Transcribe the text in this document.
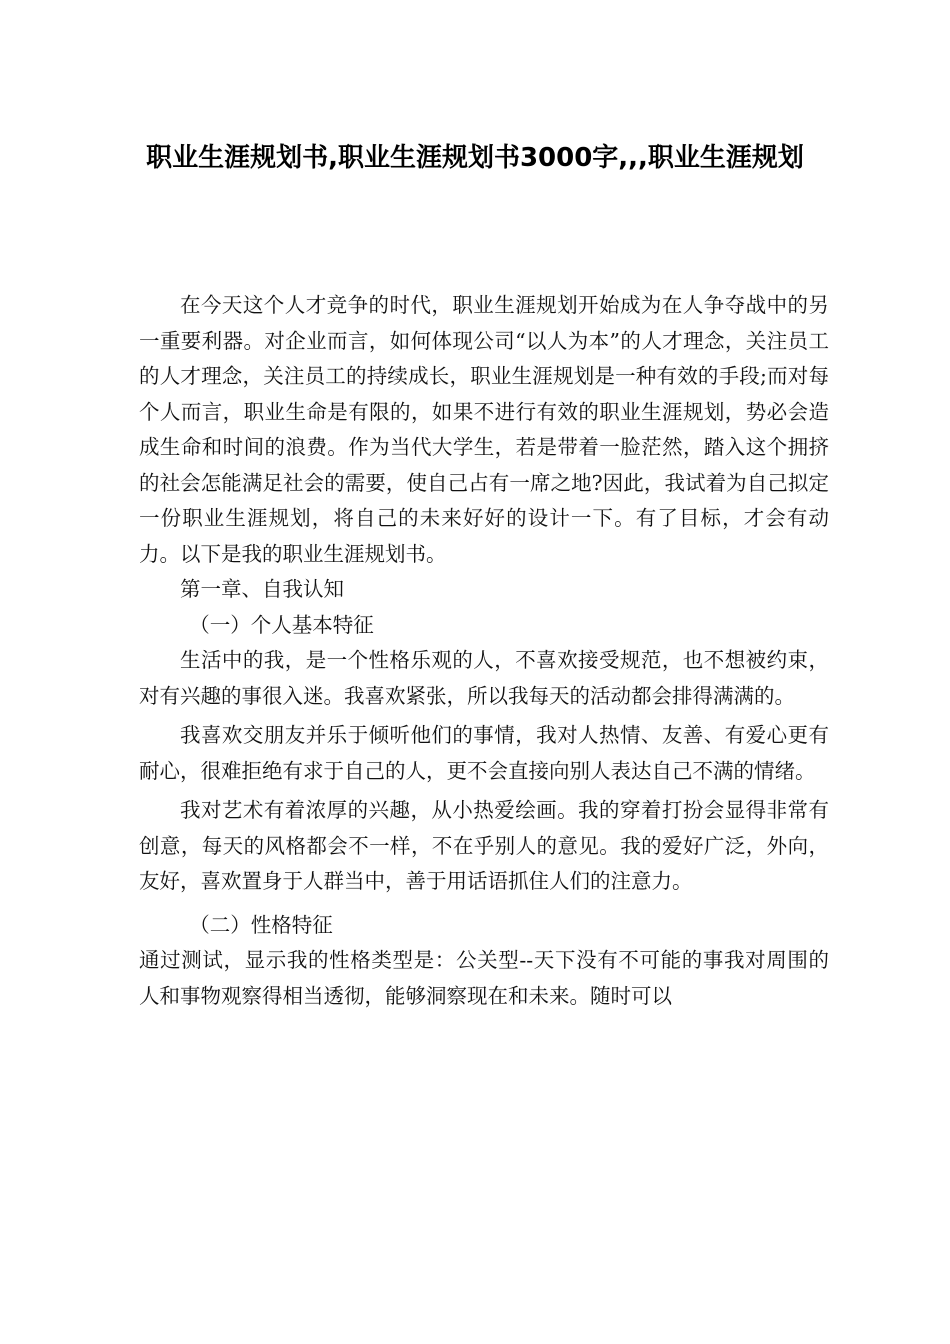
职业生涯规划书,职业生涯规划书3000字,,,职业生涯规划

在今天这个人才竞争的时代，职业生涯规划开始成为在人争夺战中的另一重要利器。对企业而言，如何体现公司“以人为本”的人才理念，关注员工的人才理念，关注员工的持续成长，职业生涯规划是一种有效的手段;而对每个人而言，职业生命是有限的，如果不进行有效的职业生涯规划，势必会造成生命和时间的浪费。作为当代大学生，若是带着一脸茫然，踏入这个拥挤的社会怎能满足社会的需要，使自己占有一席之地?因此，我试着为自己拟定一份职业生涯规划，将自己的未来好好的设计一下。有了目标，才会有动力。以下是我的职业生涯规划书。

第一章、自我认知

（一）个人基本特征

生活中的我，是一个性格乐观的人，不喜欢接受规范，也不想被约束，对有兴趣的事很入迷。我喜欢紧张，所以我每天的活动都会排得满满的。

我喜欢交朋友并乐于倾听他们的事情，我对人热情、友善、有爱心更有耐心，很难拒绝有求于自己的人，更不会直接向别人表达自己不满的情绪。

我对艺术有着浓厚的兴趣，从小热爱绘画。我的穿着打扮会显得非常有创意，每天的风格都会不一样，不在乎别人的意见。我的爱好广泛，外向，友好，喜欢置身于人群当中，善于用话语抓住人们的注意力。

（二）性格特征

通过测试，显示我的性格类型是：公关型--天下没有不可能的事我对周围的人和事物观察得相当透彻，能够洞察现在和未来。随时可以
